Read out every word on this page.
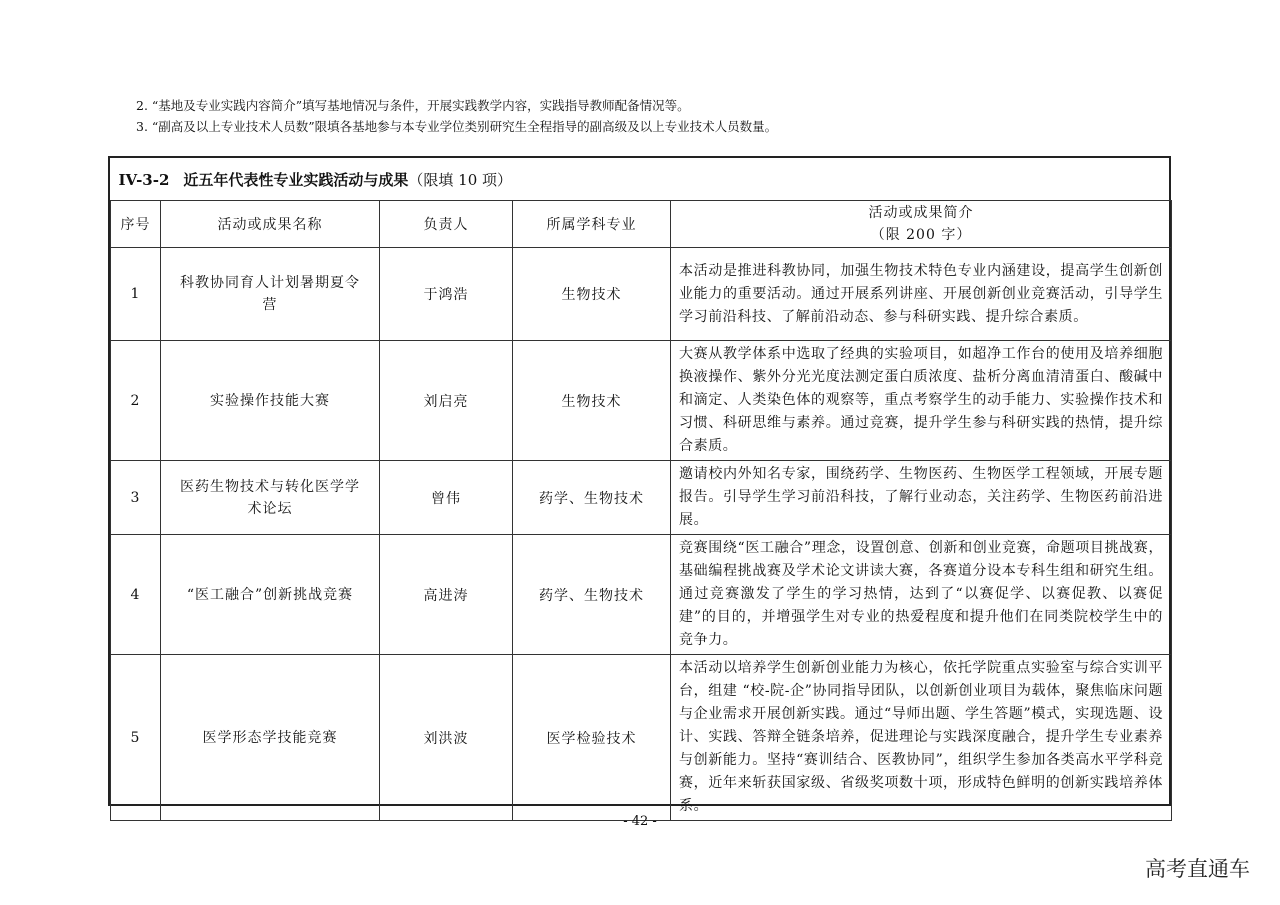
2. “基地及专业实践内容简介”填写基地情况与条件，开展实践教学内容，实践指导教师配备情况等。
3. “副高及以上专业技术人员数”限填各基地参与本专业学位类别研究生全程指导的副高级及以上专业技术人员数量。
IV-3-2 近五年代表性专业实践活动与成果（限填 10 项）				
序号	活动或成果名称	负责人	所属学科专业	活动或成果简介
（限 200 字）

1	科教协同育人计划暑期夏令营	于鸿浩	生物技术	本活动是推进科教协同，加强生物技术特色专业内涵建设，提高学生创新创业能力的重要活动。通过开展系列讲座、开展创新创业竞赛活动，引导学生学习前沿科技、了解前沿动态、参与科研实践、提升综合素质。
2	实验操作技能大赛	刘启亮	生物技术	大赛从教学体系中选取了经典的实验项目，如超净工作台的使用及培养细胞换液操作、紫外分光光度法测定蛋白质浓度、盐析分离血清清蛋白、酸碱中和滴定、人类染色体的观察等，重点考察学生的动手能力、实验操作技术和习惯、科研思维与素养。通过竞赛，提升学生参与科研实践的热情，提升综合素质。
3	医药生物技术与转化医学学术论坛	曾伟	药学、生物技术	邀请校内外知名专家，围绕药学、生物医药、生物医学工程领域，开展专题报告。引导学生学习前沿科技，了解行业动态，关注药学、生物医药前沿进展。
4	“医工融合”创新挑战竞赛	高进涛	药学、生物技术	竞赛围绕“医工融合”理念，设置创意、创新和创业竞赛，命题项目挑战赛，基础编程挑战赛及学术论文讲读大赛，各赛道分设本专科生组和研究生组。通过竞赛激发了学生的学习热情，达到了“以赛促学、以赛促教、以赛促建”的目的，并增强学生对专业的热爱程度和提升他们在同类院校学生中的竞争力。
5	医学形态学技能竞赛	刘洪波	医学检验技术	本活动以培养学生创新创业能力为核心，依托学院重点实验室与综合实训平台，组建 “校-院-企”协同指导团队，以创新创业项目为载体，聚焦临床问题与企业需求开展创新实践。通过“导师出题、学生答题”模式，实现选题、设计、实践、答辩全链条培养，促进理论与实践深度融合，提升学生专业素养与创新能力。坚持“赛训结合、医教协同”，组织学生参加各类高水平学科竞赛，近年来斩获国家级、省级奖项数十项，形成特色鲜明的创新实践培养体系。
- 42 -
高考直通车
